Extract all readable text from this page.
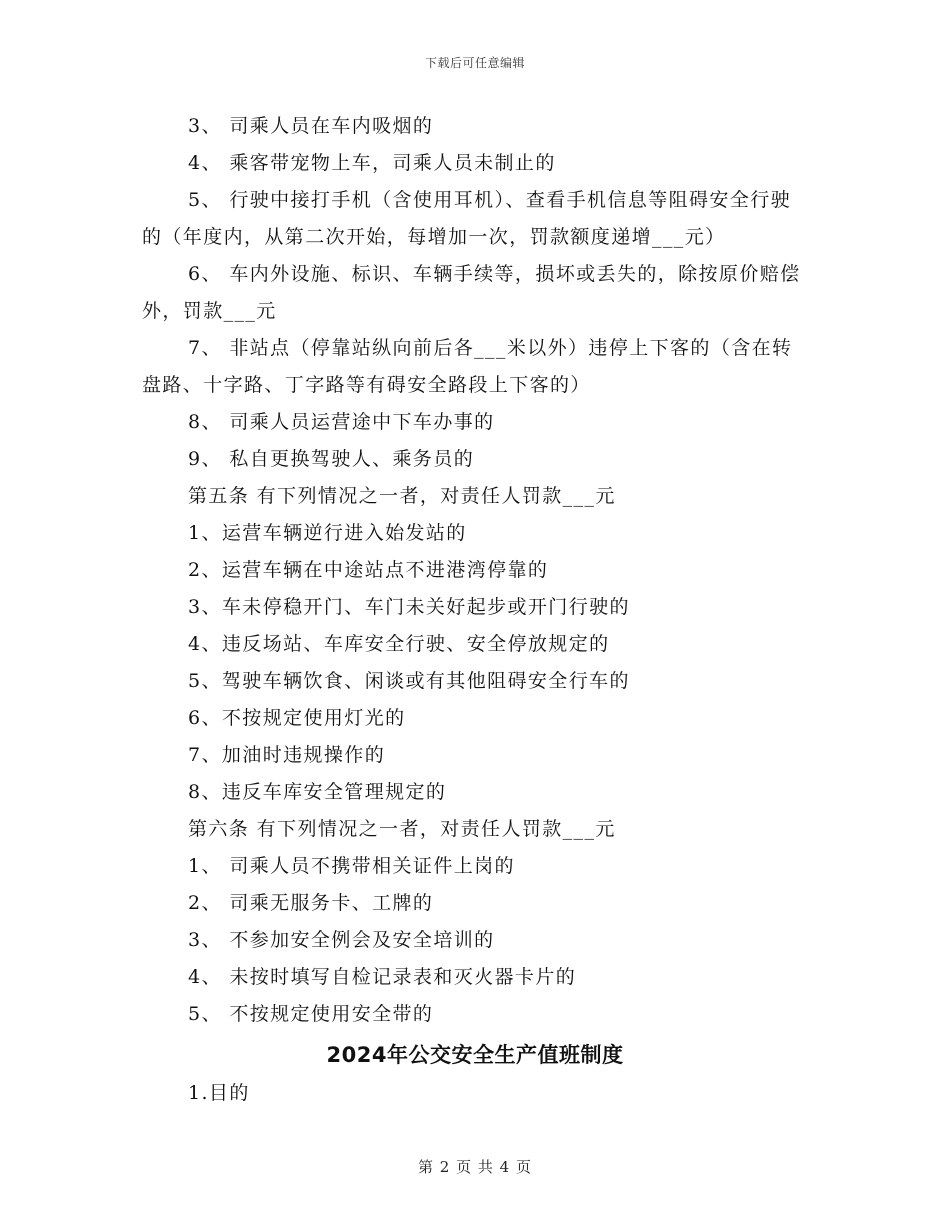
下载后可任意编辑

3、 司乘人员在车内吸烟的

4、 乘客带宠物上车，司乘人员未制止的

5、 行驶中接打手机（含使用耳机）、查看手机信息等阻碍安全行驶的（年度内，从第二次开始，每增加一次，罚款额度递增___元）

6、 车内外设施、标识、车辆手续等，损坏或丢失的，除按原价赔偿外，罚款___元

7、 非站点（停靠站纵向前后各___米以外）违停上下客的（含在转盘路、十字路、丁字路等有碍安全路段上下客的）

8、 司乘人员运营途中下车办事的

9、 私自更换驾驶人、乘务员的

第五条 有下列情况之一者，对责任人罚款___元

1、运营车辆逆行进入始发站的

2、运营车辆在中途站点不进港湾停靠的

3、车未停稳开门、车门未关好起步或开门行驶的

4、违反场站、车库安全行驶、安全停放规定的

5、驾驶车辆饮食、闲谈或有其他阻碍安全行车的

6、不按规定使用灯光的

7、加油时违规操作的

8、违反车库安全管理规定的

第六条 有下列情况之一者，对责任人罚款___元

1、 司乘人员不携带相关证件上岗的

2、 司乘无服务卡、工牌的

3、 不参加安全例会及安全培训的

4、 未按时填写自检记录表和灭火器卡片的

5、 不按规定使用安全带的

2024年公交安全生产值班制度

1.目的

第 2 页 共 4 页
